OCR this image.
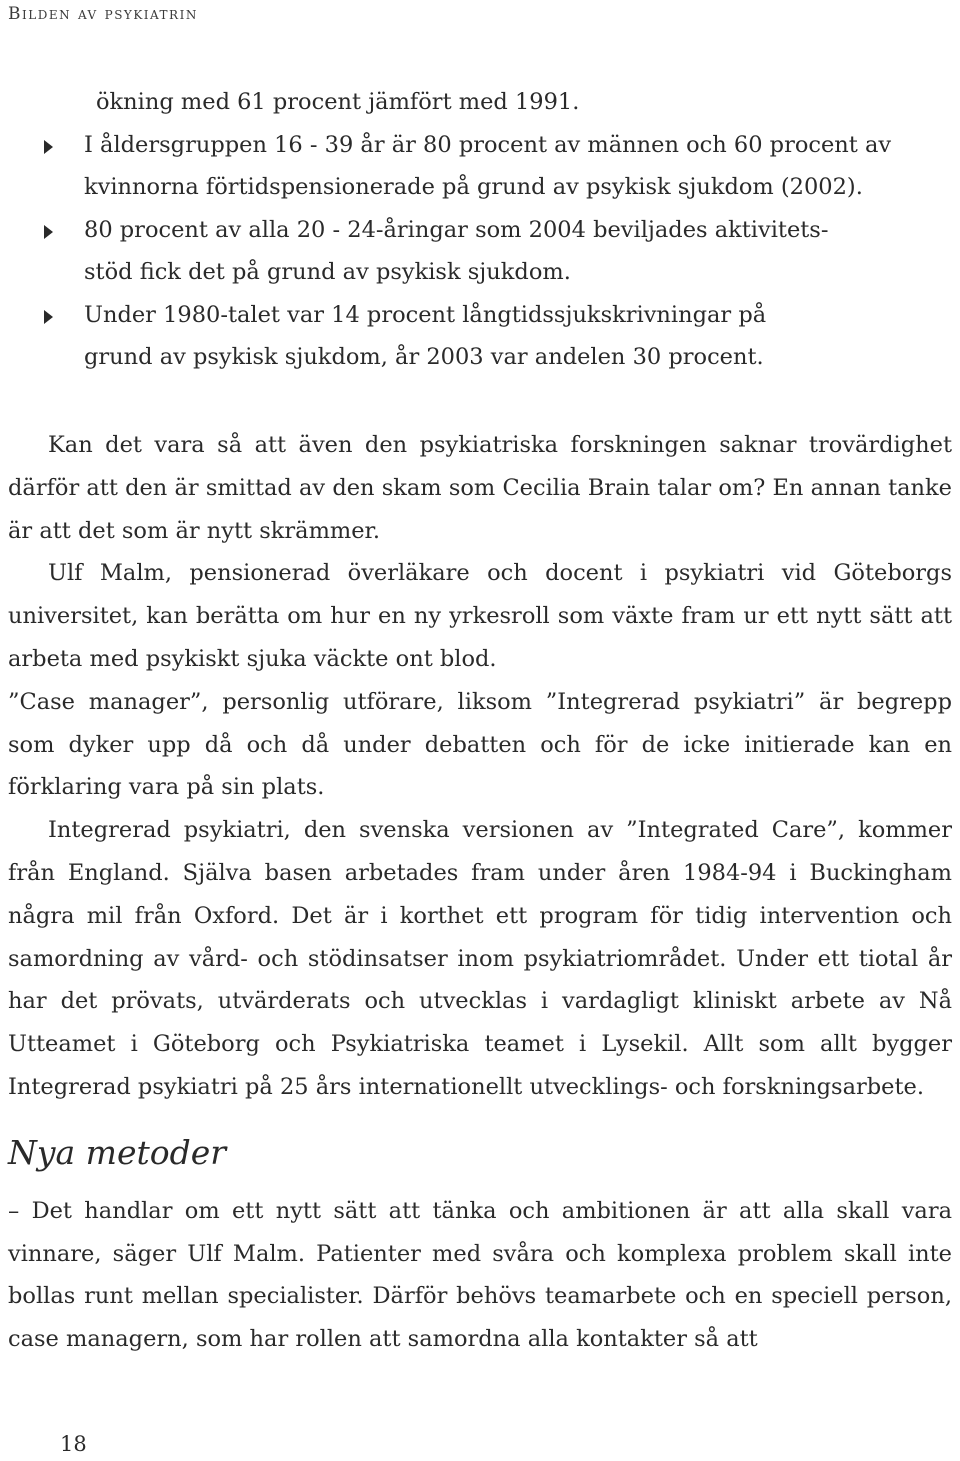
Bilden av psykiatrin
ökning med 61 procent jämfört med 1991.
I åldersgruppen 16 - 39 år är 80 procent av männen och 60 procent av
kvinnorna förtidspensionerade på grund av psykisk sjukdom (2002).
80 procent av alla 20 - 24-åringar som 2004 beviljades aktivitets-
stöd fick det på grund av psykisk sjukdom.
Under 1980-talet var 14 procent långtidssjukskrivningar på
grund av psykisk sjukdom, år 2003 var andelen 30 procent.

Kan det vara så att även den psykiatriska forskningen saknar trovärdighet därför att den är smittad av den skam som Cecilia Brain talar om? En annan tanke är att det som är nytt skrämmer.

Ulf Malm, pensionerad överläkare och docent i psykiatri vid Göteborgs universitet, kan berätta om hur en ny yrkesroll som växte fram ur ett nytt sätt att arbeta med psykiskt sjuka väckte ont blod.

”Case manager”, personlig utförare, liksom ”Integrerad psykiatri” är begrepp som dyker upp då och då under debatten och för de icke initierade kan en förklaring vara på sin plats.

Integrerad psykiatri, den svenska versionen av ”Integrated Care”, kommer från England. Själva basen arbetades fram under åren 1984-94 i Buckingham några mil från Oxford. Det är i korthet ett program för tidig intervention och samordning av vård- och stödinsatser inom psykiatriområdet. Under ett tiotal år har det prövats, utvärderats och utvecklas i vardagligt kliniskt arbete av Nå Utteamet i Göteborg och Psykiatriska teamet i Lysekil. Allt som allt bygger Integrerad psykiatri på 25 års internationellt utvecklings- och forskningsarbete.

Nya metoder

– Det handlar om ett nytt sätt att tänka och ambitionen är att alla skall vara vinnare, säger Ulf Malm. Patienter med svåra och komplexa problem skall inte bollas runt mellan specialister. Därför behövs teamarbete och en speciell person, case managern, som har rollen att samordna alla kontakter så att

18
